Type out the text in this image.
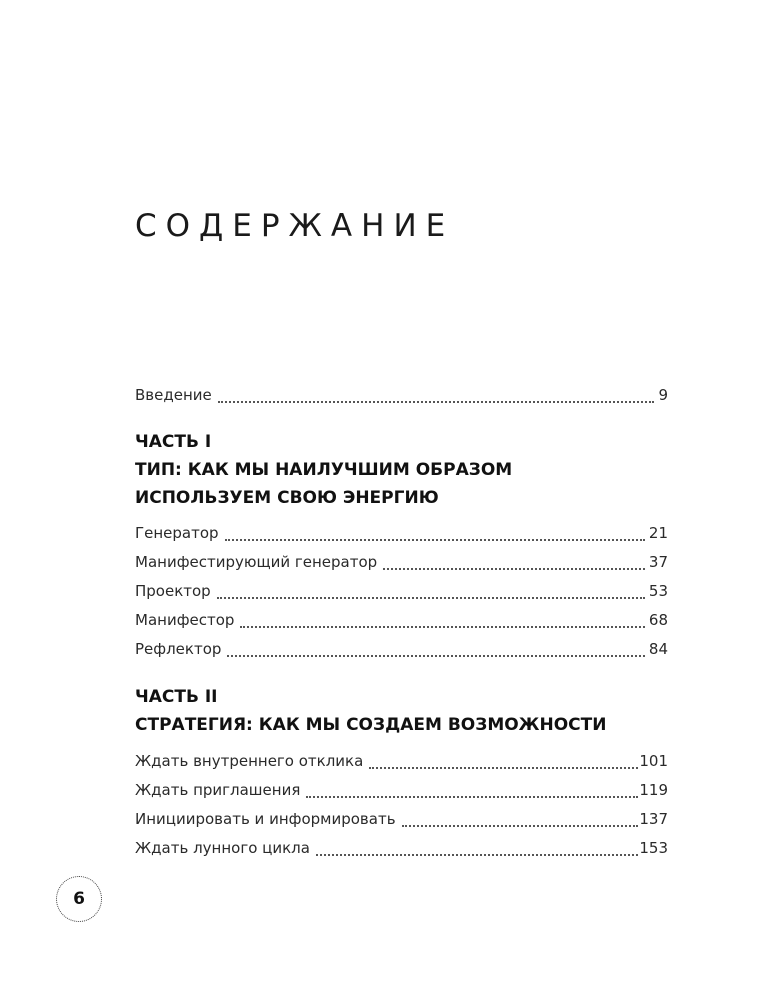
СОДЕРЖАНИЕ
Введение	9
ЧАСТЬ I
ТИП: КАК МЫ НАИЛУЧШИМ ОБРАЗОМ
ИСПОЛЬЗУЕМ СВОЮ ЭНЕРГИЮ
Генератор	21
Манифестирующий генератор	37
Проектор	53
Манифестор	68
Рефлектор	84
ЧАСТЬ II
СТРАТЕГИЯ: КАК МЫ СОЗДАЕМ ВОЗМОЖНОСТИ
Ждать внутреннего отклика	101
Ждать приглашения	119
Инициировать и информировать	137
Ждать лунного цикла	153
6
